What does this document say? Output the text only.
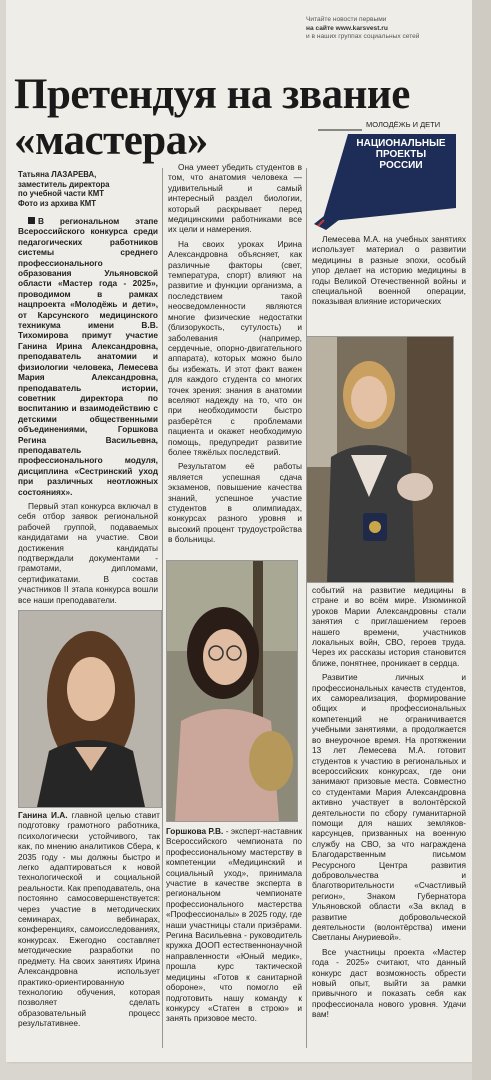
Читайте новости первыми
на сайте www.karsvest.ru
и в наших группах социальных сетей
Претендуя на звание «мастера»	МОЛОДЁЖЬ И ДЕТИ
НАЦИОНАЛЬНЫЕ ПРОЕКТЫ РОССИИ
Татьяна ЛАЗАРЕВА,
заместитель директора
по учебной части КМТ
Фото из архива КМТ

В региональном этапе Всероссийского конкурса среди педагогических работников системы среднего профессионального образования Ульяновской области «Мастер года - 2025», проводимом в рамках нацпроекта «Молодёжь и дети», от Карсунского медицинского техникума имени В.В. Тихомирова примут участие Ганина Ирина Александровна, преподаватель анатомии и физиологии человека, Лемесева Мария Александровна, преподаватель истории, советник директора по воспитанию и взаимодействию с детскими общественными объединениями, Горшкова Регина Васильевна, преподаватель профессионального модуля, дисциплина «Сестринский уход при различных неотложных состояниях».

Первый этап конкурса включал в себя отбор заявок региональной рабочей группой, подаваемых кандидатами на участие. Свои достижения кандидаты подтверждали документами - грамотами, дипломами, сертификатами. В состав участников II этапа конкурса вошли все наши преподаватели.

Она умеет убедить студентов в том, что анатомия человека — удивительный и самый интересный раздел биологии, который раскрывает перед медицинскими работниками все их цели и намерения.

На своих уроках Ирина Александровна объясняет, как различные факторы (свет, температура, спорт) влияют на развитие и функции организма, а последствием такой неосведомленности являются многие физические недостатки (близорукость, сутулость) и заболевания (например, сердечные, опорно-двигательного аппарата), которых можно было бы избежать. И этот факт важен для каждого студента со многих точек зрения: знания в анатомии вселяют надежду на то, что он при необходимости быстро разберётся с проблемами пациента и окажет необходимую помощь, предупредит развитие более тяжёлых последствий.

Результатом её работы является успешная сдача экзаменов, повышение качества знаний, успешное участие студентов в олимпиадах, конкурсах разного уровня и высокий процент трудоустройства в больницы.

Лемесева М.А. на учебных занятиях использует материал о развитии медицины в разные эпохи, особый упор делает на историю медицины в годы Великой Отечественной войны и специальной военной операции, показывая влияние исторических

событий на развитие медицины в стране и во всём мире. Изюминкой уроков Марии Александровны стали занятия с приглашением героев нашего времени, участников локальных войн, СВО, героев труда. Через их рассказы история становится ближе, понятнее, проникает в сердца.

Развитие личных и профессиональных качеств студентов, их самореализация, формирование общих и профессиональных компетенций не ограничивается учебными занятиями, а продолжается во внеурочное время. На протяжении 13 лет Лемесева М.А. готовит студентов к участию в региональных и всероссийских конкурсах, где они занимают призовые места. Совместно со студентами Мария Александровна активно участвует в волонтёрской деятельности по сбору гуманитарной помощи для наших земляков-карсунцев, призванных на военную службу на СВО, за что награждена Благодарственным письмом Ресурсного Центра развития добровольчества и благотворительности «Счастливый регион», Знаком Губернатора Ульяновской области «За вклад в развитие добровольческой деятельности (волонтёрства) имени Светланы Ануриевой».

Все участницы проекта «Мастер года - 2025» считают, что данный конкурс даст возможность обрести новый опыт, выйти за рамки привычного и показать себя как профессионала нового уровня. Удачи вам!

Ганина И.А. главной целью ставит подготовку грамотного работника, психологически устойчивого, так как, по мнению аналитиков Сбера, к 2035 году - мы должны быстро и легко адаптироваться к новой технологической и социальной реальности. Как преподаватель, она постоянно самосовершенствуется: через участие в методических семинарах, вебинарах, конференциях, самоисследованиях, конкурсах. Ежегодно составляет методические разработки по предмету. На своих занятиях Ирина Александровна использует практико-ориентированную технологию обучения, которая позволяет сделать образовательный процесс результативнее.
Горшкова Р.В. - эксперт-наставник Всероссийского чемпионата по профессиональному мастерству в компетенции «Медицинский и социальный уход», принимала участие в качестве эксперта в региональном чемпионате профессионального мастерства «Профессионалы» в 2025 году, где наши участницы стали призёрами. Регина Васильевна - руководитель кружка ДООП естественнонаучной направленности «Юный медик», прошла курс тактической медицины «Готов к санитарной обороне», что помогло ей подготовить нашу команду к конкурсу «Статен в строю» и занять призовое место.
